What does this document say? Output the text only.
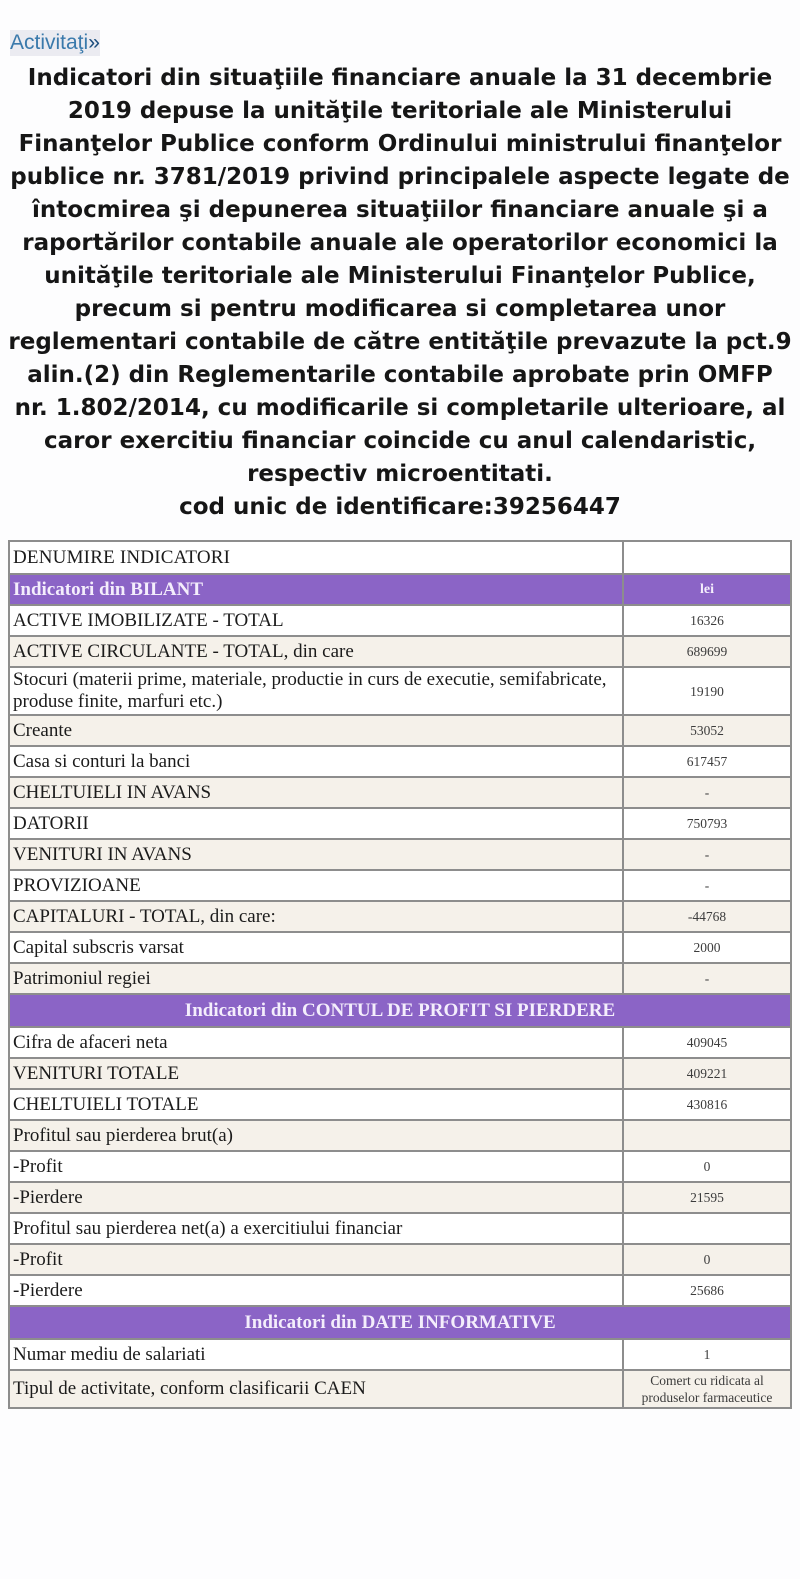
Activitaţi»
Indicatori din situaţiile financiare anuale la 31 decembrie 2019 depuse la unităţile teritoriale ale Ministerului Finanţelor Publice conform Ordinului ministrului finanţelor publice nr. 3781/2019 privind principalele aspecte legate de întocmirea şi depunerea situaţiilor financiare anuale şi a raportărilor contabile anuale ale operatorilor economici la unităţile teritoriale ale Ministerului Finanţelor Publice, precum si pentru modificarea si completarea unor reglementari contabile de către entităţile prevazute la pct.9 alin.(2) din Reglementarile contabile aprobate prin OMFP nr. 1.802/2014, cu modificarile si completarile ulterioare, al caror exercitiu financiar coincide cu anul calendaristic, respectiv microentitati.
cod unic de identificare:39256447
DENUMIRE INDICATORI	
Indicatori din BILANT	lei
ACTIVE IMOBILIZATE - TOTAL	16326
ACTIVE CIRCULANTE - TOTAL, din care	689699
Stocuri (materii prime, materiale, productie in curs de executie, semifabricate, produse finite, marfuri etc.)	19190
Creante	53052
Casa si conturi la banci	617457
CHELTUIELI IN AVANS	-
DATORII	750793
VENITURI IN AVANS	-
PROVIZIOANE	-
CAPITALURI - TOTAL, din care:	-44768
Capital subscris varsat	2000
Patrimoniul regiei	-
Indicatori din CONTUL DE PROFIT SI PIERDERE	
Cifra de afaceri neta	409045
VENITURI TOTALE	409221
CHELTUIELI TOTALE	430816
Profitul sau pierderea brut(a)	
-Profit	0
-Pierdere	21595
Profitul sau pierderea net(a) a exercitiului financiar	
-Profit	0
-Pierdere	25686
Indicatori din DATE INFORMATIVE	
Numar mediu de salariati	1
Tipul de activitate, conform clasificarii CAEN	Comert cu ridicata al produselor farmaceutice
